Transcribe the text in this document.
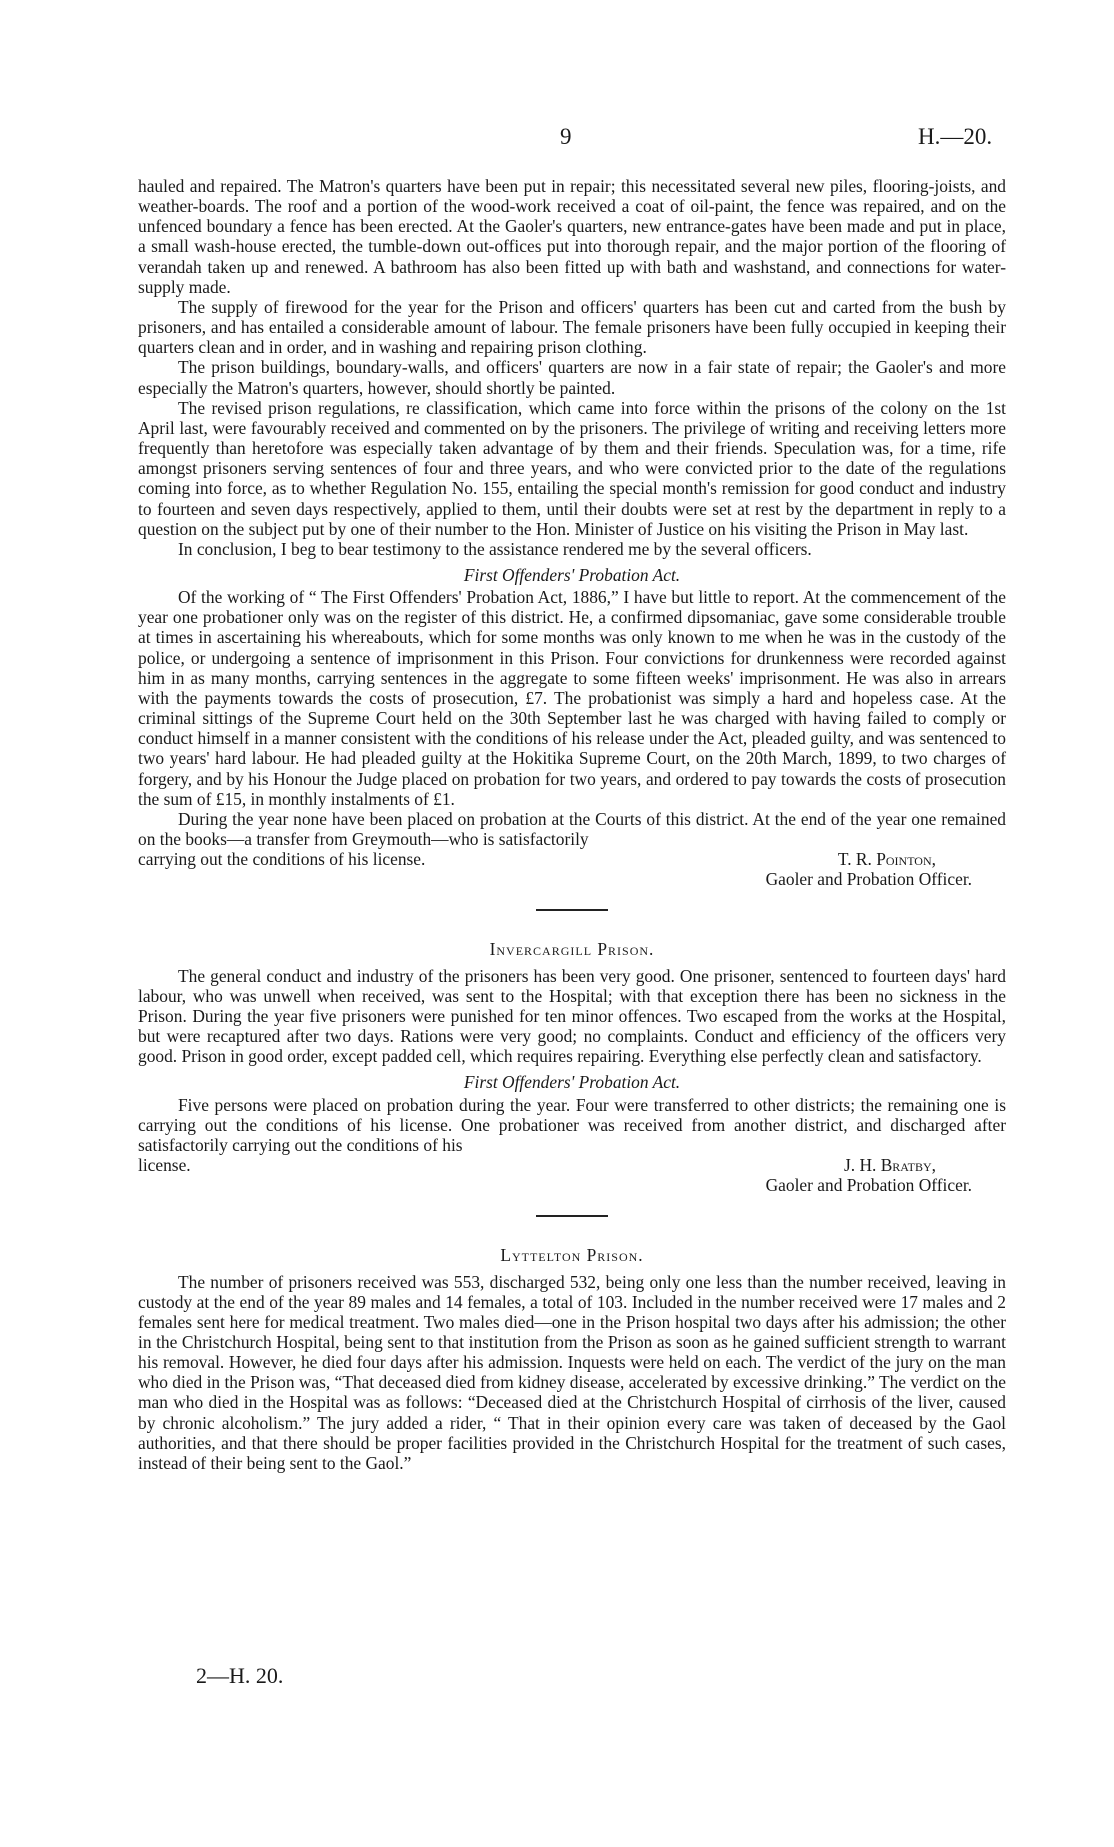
9	H.—20.

hauled and repaired. The Matron's quarters have been put in repair; this necessitated several new piles, flooring-joists, and weather-boards. The roof and a portion of the wood-work received a coat of oil-paint, the fence was repaired, and on the unfenced boundary a fence has been erected. At the Gaoler's quarters, new entrance-gates have been made and put in place, a small wash-house erected, the tumble-down out-offices put into thorough repair, and the major portion of the flooring of verandah taken up and renewed. A bathroom has also been fitted up with bath and washstand, and connections for water-supply made.

The supply of firewood for the year for the Prison and officers' quarters has been cut and carted from the bush by prisoners, and has entailed a considerable amount of labour. The female prisoners have been fully occupied in keeping their quarters clean and in order, and in washing and repairing prison clothing.

The prison buildings, boundary-walls, and officers' quarters are now in a fair state of repair; the Gaoler's and more especially the Matron's quarters, however, should shortly be painted.

The revised prison regulations, re classification, which came into force within the prisons of the colony on the 1st April last, were favourably received and commented on by the prisoners. The privilege of writing and receiving letters more frequently than heretofore was especially taken advantage of by them and their friends. Speculation was, for a time, rife amongst prisoners serving sentences of four and three years, and who were convicted prior to the date of the regulations coming into force, as to whether Regulation No. 155, entailing the special month's remission for good conduct and industry to fourteen and seven days respectively, applied to them, until their doubts were set at rest by the department in reply to a question on the subject put by one of their number to the Hon. Minister of Justice on his visiting the Prison in May last.

In conclusion, I beg to bear testimony to the assistance rendered me by the several officers.

First Offenders' Probation Act.

Of the working of “ The First Offenders' Probation Act, 1886,” I have but little to report. At the commencement of the year one probationer only was on the register of this district. He, a confirmed dipsomaniac, gave some considerable trouble at times in ascertaining his whereabouts, which for some months was only known to me when he was in the custody of the police, or undergoing a sentence of imprisonment in this Prison. Four convictions for drunkenness were recorded against him in as many months, carrying sentences in the aggregate to some fifteen weeks' imprisonment. He was also in arrears with the payments towards the costs of prosecution, £7. The probationist was simply a hard and hopeless case. At the criminal sittings of the Supreme Court held on the 30th September last he was charged with having failed to comply or conduct himself in a manner consistent with the conditions of his release under the Act, pleaded guilty, and was sentenced to two years' hard labour. He had pleaded guilty at the Hokitika Supreme Court, on the 20th March, 1899, to two charges of forgery, and by his Honour the Judge placed on probation for two years, and ordered to pay towards the costs of prosecution the sum of £15, in monthly instalments of £1.

During the year none have been placed on probation at the Courts of this district. At the end of the year one remained on the books—a transfer from Greymouth—who is satisfactorily

carrying out the conditions of his license.	T. R. Pointon,
Gaoler and Probation Officer.
Invercargill Prison.

The general conduct and industry of the prisoners has been very good. One prisoner, sentenced to fourteen days' hard labour, who was unwell when received, was sent to the Hospital; with that exception there has been no sickness in the Prison. During the year five prisoners were punished for ten minor offences. Two escaped from the works at the Hospital, but were recaptured after two days. Rations were very good; no complaints. Conduct and efficiency of the officers very good. Prison in good order, except padded cell, which requires repairing. Everything else perfectly clean and satisfactory.

First Offenders' Probation Act.

Five persons were placed on probation during the year. Four were transferred to other districts; the remaining one is carrying out the conditions of his license. One probationer was received from another district, and discharged after satisfactorily carrying out the conditions of his

license.	J. H. Bratby,
Gaoler and Probation Officer.
Lyttelton Prison.

The number of prisoners received was 553, discharged 532, being only one less than the number received, leaving in custody at the end of the year 89 males and 14 females, a total of 103. Included in the number received were 17 males and 2 females sent here for medical treatment. Two males died—one in the Prison hospital two days after his admission; the other in the Christchurch Hospital, being sent to that institution from the Prison as soon as he gained sufficient strength to warrant his removal. However, he died four days after his admission. Inquests were held on each. The verdict of the jury on the man who died in the Prison was, “That deceased died from kidney disease, accelerated by excessive drinking.” The verdict on the man who died in the Hospital was as follows: “Deceased died at the Christchurch Hospital of cirrhosis of the liver, caused by chronic alcoholism.” The jury added a rider, “ That in their opinion every care was taken of deceased by the Gaol authorities, and that there should be proper facilities provided in the Christchurch Hospital for the treatment of such cases, instead of their being sent to the Gaol.”

2—H. 20.
